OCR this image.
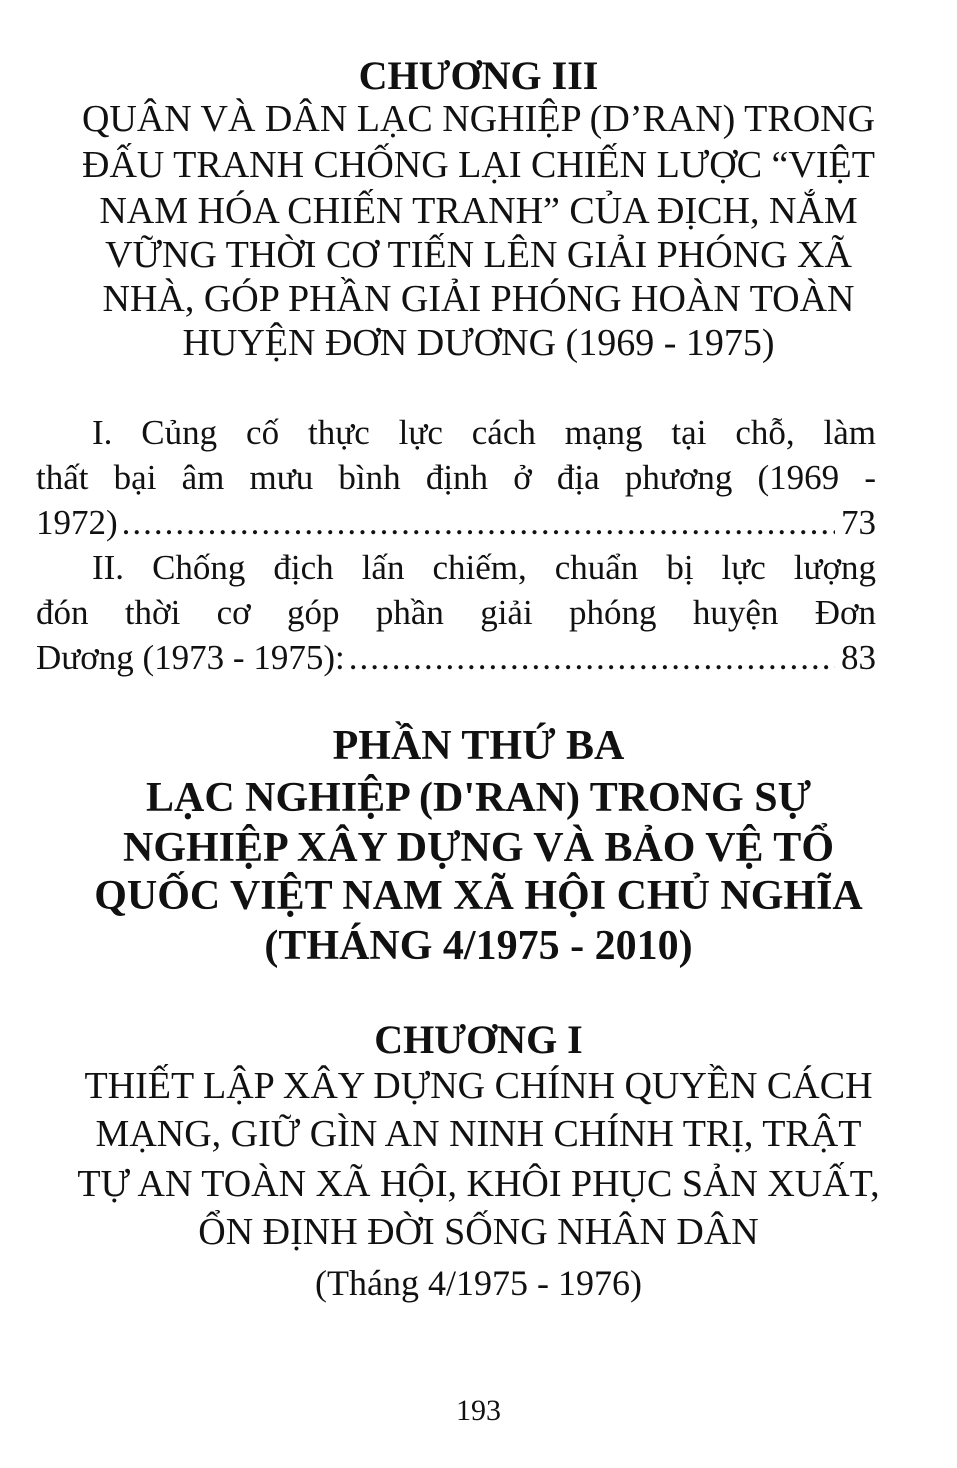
CHƯƠNG III
QUÂN VÀ DÂN LẠC NGHIỆP (D’RAN) TRONG
ĐẤU TRANH CHỐNG LẠI CHIẾN LƯỢC “VIỆT
NAM HÓA CHIẾN TRANH” CỦA ĐỊCH, NẮM
VỮNG THỜI CƠ TIẾN LÊN GIẢI PHÓNG XÃ
NHÀ, GÓP PHẦN GIẢI PHÓNG HOÀN TOÀN
HUYỆN ĐƠN DƯƠNG (1969 - 1975)
I. Củng cố thực lực cách mạng tại chỗ, làm
thất bại âm mưu bình định ở địa phương (1969 -
1972) .....	73
II. Chống địch lấn chiếm, chuẩn bị lực lượng
đón thời cơ góp phần giải phóng huyện Đơn
Dương (1973 - 1975): .....	83
PHẦN THỨ BA
LẠC NGHIỆP (D'RAN) TRONG SỰ
NGHIỆP XÂY DỰNG VÀ BẢO VỆ TỔ
QUỐC VIỆT NAM XÃ HỘI CHỦ NGHĨA
(THÁNG 4/1975 - 2010)
CHƯƠNG I
THIẾT LẬP XÂY DỰNG CHÍNH QUYỀN CÁCH
MẠNG, GIỮ GÌN AN NINH CHÍNH TRỊ, TRẬT
TỰ AN TOÀN XÃ HỘI, KHÔI PHỤC SẢN XUẤT,
ỔN ĐỊNH ĐỜI SỐNG NHÂN DÂN
(Tháng 4/1975 - 1976)
193
